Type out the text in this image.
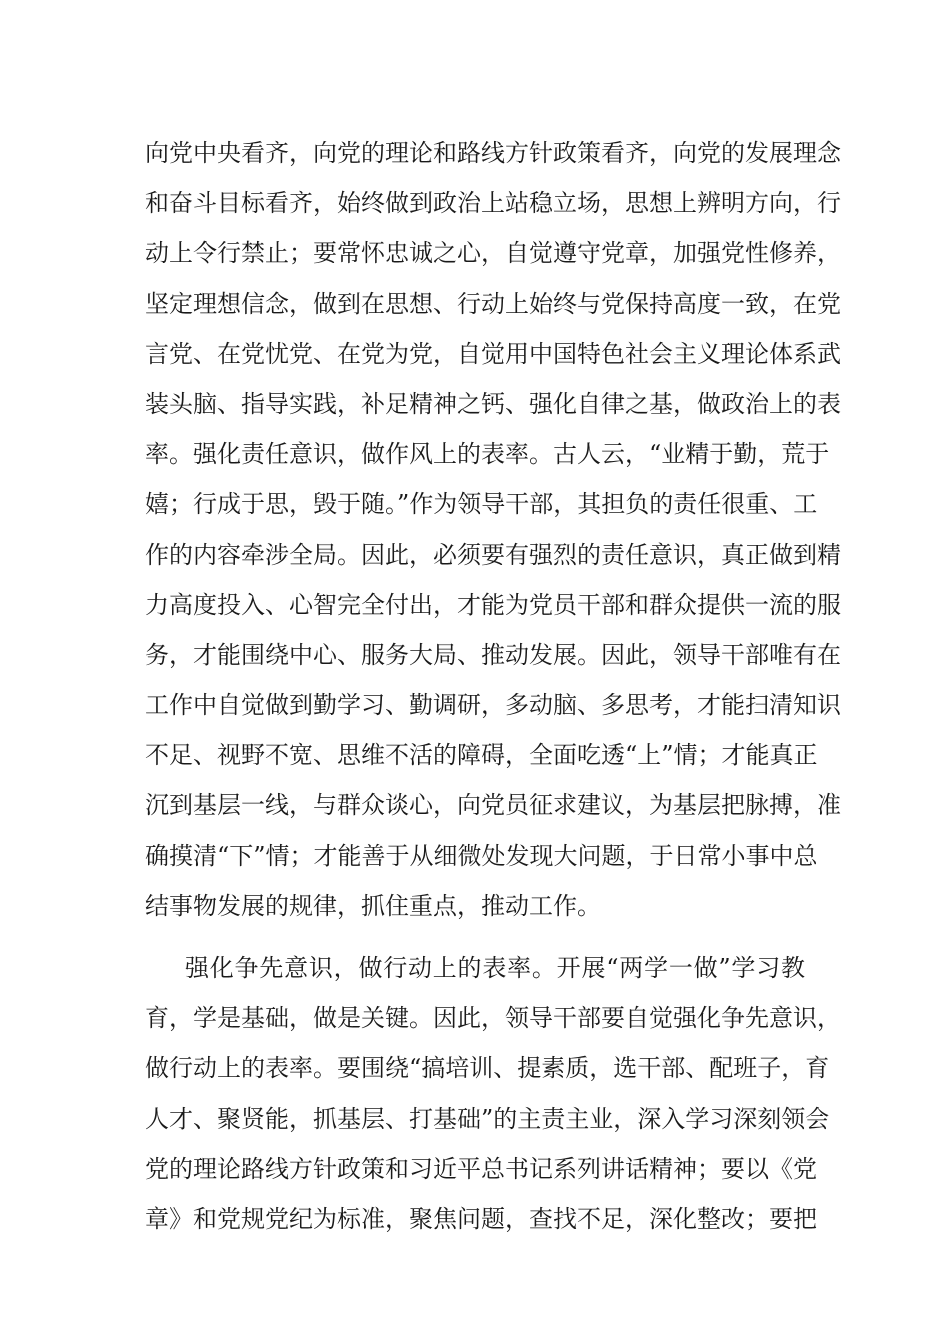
向党中央看齐，向党的理论和路线方针政策看齐，向党的发展理念
和奋斗目标看齐，始终做到政治上站稳立场，思想上辨明方向，行
动上令行禁止；要常怀忠诚之心，自觉遵守党章，加强党性修养，
坚定理想信念，做到在思想、行动上始终与党保持高度一致，在党
言党、在党忧党、在党为党，自觉用中国特色社会主义理论体系武
装头脑、指导实践，补足精神之钙、强化自律之基，做政治上的表
率。强化责任意识，做作风上的表率。古人云，“业精于勤，荒于
嬉；行成于思，毁于随。”作为领导干部，其担负的责任很重、工
作的内容牵涉全局。因此，必须要有强烈的责任意识，真正做到精
力高度投入、心智完全付出，才能为党员干部和群众提供一流的服
务，才能围绕中心、服务大局、推动发展。因此，领导干部唯有在
工作中自觉做到勤学习、勤调研，多动脑、多思考，才能扫清知识
不足、视野不宽、思维不活的障碍，全面吃透“上”情；才能真正
沉到基层一线，与群众谈心，向党员征求建议，为基层把脉搏，准
确摸清“下”情；才能善于从细微处发现大问题，于日常小事中总
结事物发展的规律，抓住重点，推动工作。
强化争先意识，做行动上的表率。开展“两学一做”学习教
育，学是基础，做是关键。因此，领导干部要自觉强化争先意识，
做行动上的表率。要围绕“搞培训、提素质，选干部、配班子，育
人才、聚贤能，抓基层、打基础”的主责主业，深入学习深刻领会
党的理论路线方针政策和习近平总书记系列讲话精神；要以《党
章》和党规党纪为标准，聚焦问题，查找不足，深化整改；要把
